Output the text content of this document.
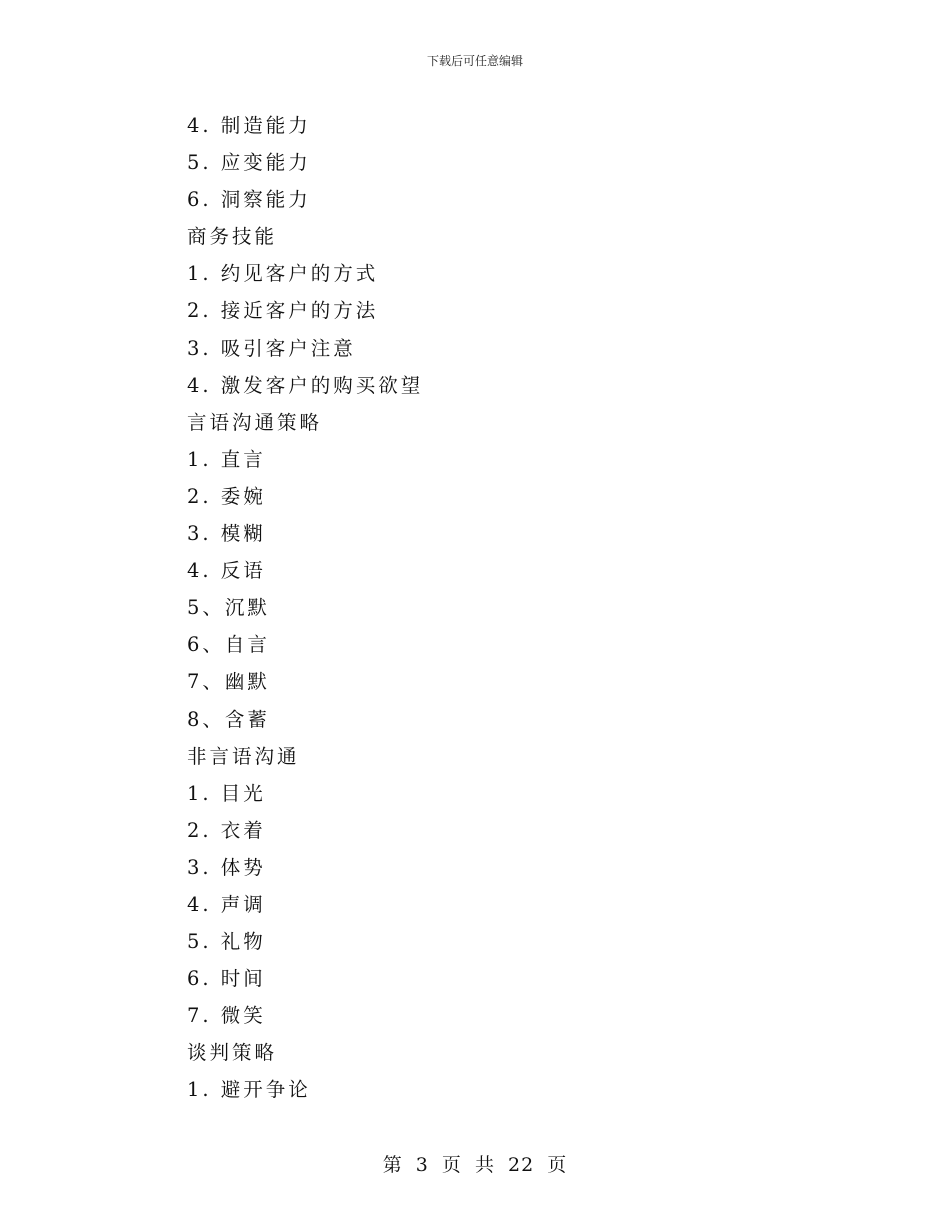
下载后可任意编辑
4. 制造能力
5. 应变能力
6. 洞察能力
商务技能
1. 约见客户的方式
2. 接近客户的方法
3. 吸引客户注意
4. 激发客户的购买欲望
言语沟通策略
1. 直言
2. 委婉
3. 模糊
4. 反语
5、沉默
6、自言
7、幽默
8、含蓄
非言语沟通
1. 目光
2. 衣着
3. 体势
4. 声调
5. 礼物
6. 时间
7. 微笑
谈判策略
1. 避开争论
第 3 页 共 22 页
